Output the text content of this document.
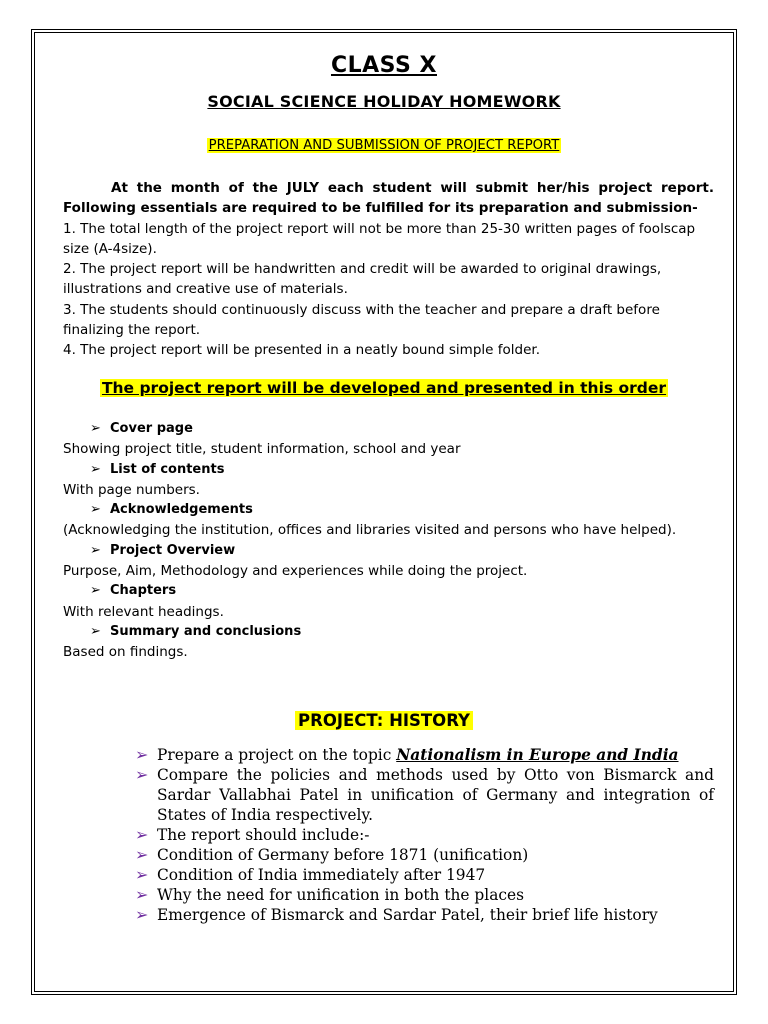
CLASS X
SOCIAL SCIENCE HOLIDAY HOMEWORK
PREPARATION AND SUBMISSION OF PROJECT REPORT
At the month of the JULY each student will submit her/his project report.
Following essentials are required to be fulfilled for its preparation and submission-
1. The total length of the project report will not be more than 25-30 written pages of foolscap size (A-4size).
2. The project report will be handwritten and credit will be awarded to original drawings, illustrations and creative use of materials.
3. The students should continuously discuss with the teacher and prepare a draft before finalizing the report.
4. The project report will be presented in a neatly bound simple folder.
The project report will be developed and presented in this order
➢ Cover page
Showing project title, student information, school and year
➢ List of contents
With page numbers.
➢ Acknowledgements
(Acknowledging the institution, offices and libraries visited and persons who have helped).
➢ Project Overview
Purpose, Aim, Methodology and experiences while doing the project.
➢ Chapters
With relevant headings.
➢ Summary and conclusions
Based on findings.
PROJECT: HISTORY
➢ Prepare a project on the topic Nationalism in Europe and India
➢ Compare the policies and methods used by Otto von Bismarck and Sardar Vallabhai Patel in unification of Germany and integration of States of India respectively.
➢ The report should include:-
➢ Condition of Germany before 1871 (unification)
➢ Condition of India immediately after 1947
➢ Why the need for unification in both the places
➢ Emergence of Bismarck and Sardar Patel, their brief life history
